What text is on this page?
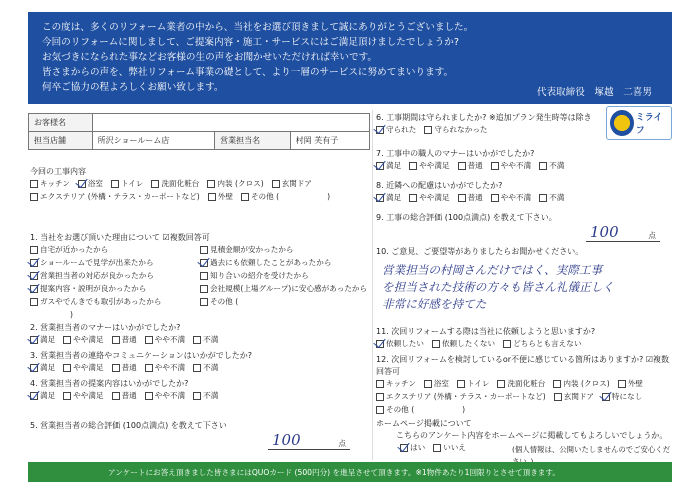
この度は、多くのリフォーム業者の中から、当社をお選び頂きまして誠にありがとうございました。
今回のリフォームに関しまして、ご提案内容・施工・サービスにはご満足頂けましたでしょうか?
お気づきになられた事などお客様の生の声をお聞かせいただければ幸いです。
皆さまからの声を、弊社リフォーム事業の礎として、より一層のサービスに努めてまいります。
何卒ご協力の程よろしくお願い致します。	代表取締役　塚越　二喜男
ミライフ
お客様名			
担当店舗	所沢ショールーム店	営業担当名	村岡 芙有子
今回の工事内容
キッチン 浴室 トイレ 洗面化粧台 内装 (クロス) 玄関ドア
エクステリア (外構・テラス・カーポートなど) 外壁 その他 (	)
1. 当社をお選び頂いた理由について ☑複数回答可
自宅が近かったから	見積金額が安かったから
ショールームで見学が出来たから	過去にも依頼したことがあったから
営業担当者の対応が良かったから	知り合いの紹介を受けたから
提案内容・説明が良かったから	会社規模(上場グループ)に安心感があったから
ガスやでんきでも取引があったから	その他 (
)
2. 営業担当者のマナーはいかがでしたか?
満足 やや満足 普通 やや不満 不満
3. 営業担当者の連絡やコミュニケーションはいかがでしたか?
満足 やや満足 普通 やや不満 不満
4. 営業担当者の提案内容はいかがでしたか?
満足 やや満足 普通 やや不満 不満
5. 営業担当者の総合評価 (100点満点) を教えて下さい
100	点
6. 工事期間は守られましたか? ※追加プラン発生時等は除き
守られた 守られなかった
7. 工事中の職人のマナーはいかがでしたか?
満足 やや満足 普通 やや不満 不満
8. 近隣への配慮はいかがでしたか?
満足 やや満足 普通 やや不満 不満
9. 工事の総合評価 (100点満点) を教えて下さい。
100	点
10. ご意見、ご要望等がありましたらお聞かせください。
営業担当の村岡さんだけではく、実際工事
を担当された技術の方々も皆さん礼儀正しく
非常に好感を持てた
11. 次回リフォームする際は当社に依頼しようと思いますか?
依頼したい 依頼したくない どちらとも言えない
12. 次回リフォームを検討しているor不便に感じている箇所はありますか? ☑複数回答可
キッチン 浴室 トイレ 洗面化粧台 内装 (クロス) 外壁
エクステリア (外構・テラス・カーポートなど) 玄関ドア 特になし
その他 (	)
ホームページ掲載について
こちらのアンケート内容をホームページに掲載してもよろしいでしょうか。
はい いいえ	(個人情報は、公開いたしませんのでご安心くだ
アンケートにお答え頂きました皆さまにはQUOカード (500円分) を進呈させて頂きます。※1物件あたり1回限りとさせて頂きます。
